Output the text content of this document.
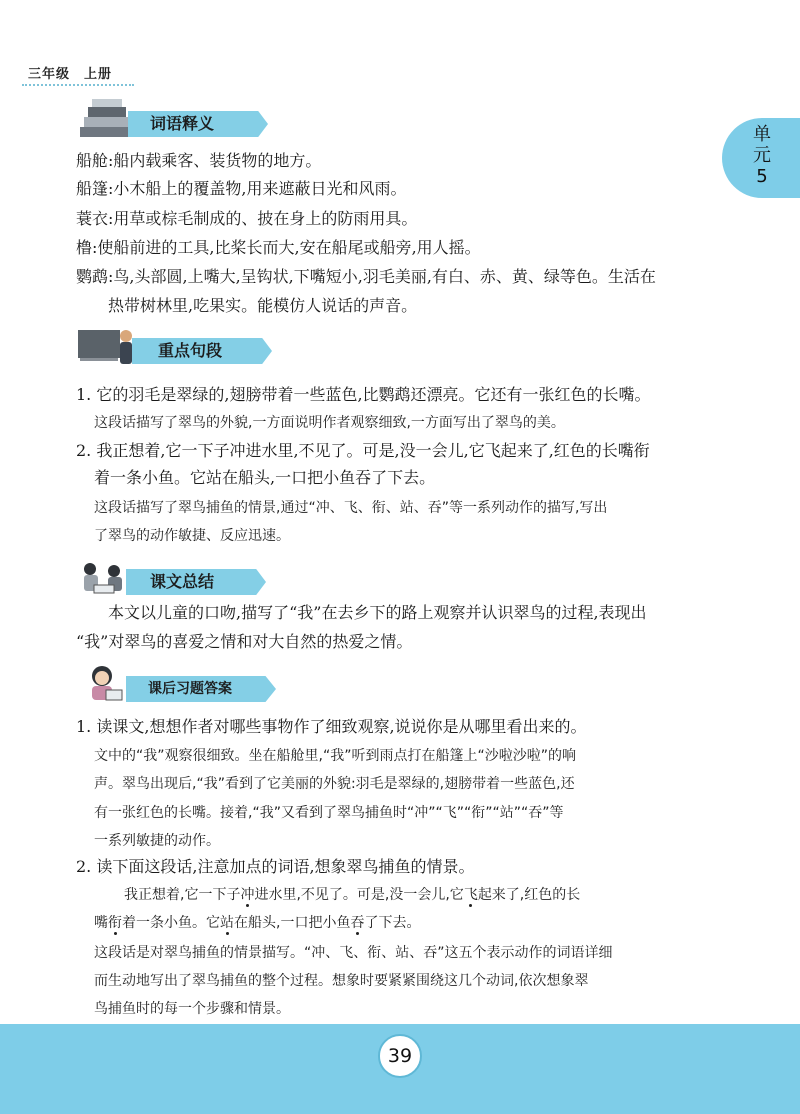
三年级　上册
单
元
5
词语释义
船舱:船内载乘客、装货物的地方。
船篷:小木船上的覆盖物,用来遮蔽日光和风雨。
蓑衣:用草或棕毛制成的、披在身上的防雨用具。
橹:使船前进的工具,比桨长而大,安在船尾或船旁,用人摇。
鹦鹉:鸟,头部圆,上嘴大,呈钩状,下嘴短小,羽毛美丽,有白、赤、黄、绿等色。生活在
热带树林里,吃果实。能模仿人说话的声音。
重点句段
1. 它的羽毛是翠绿的,翅膀带着一些蓝色,比鹦鹉还漂亮。它还有一张红色的长嘴。
这段话描写了翠鸟的外貌,一方面说明作者观察细致,一方面写出了翠鸟的美。
2. 我正想着,它一下子冲进水里,不见了。可是,没一会儿,它飞起来了,红色的长嘴衔
着一条小鱼。它站在船头,一口把小鱼吞了下去。
这段话描写了翠鸟捕鱼的情景,通过“冲、飞、衔、站、吞”等一系列动作的描写,写出
了翠鸟的动作敏捷、反应迅速。
课文总结
本文以儿童的口吻,描写了“我”在去乡下的路上观察并认识翠鸟的过程,表现出
“我”对翠鸟的喜爱之情和对大自然的热爱之情。
课后习题答案
1. 读课文,想想作者对哪些事物作了细致观察,说说你是从哪里看出来的。
文中的“我”观察很细致。坐在船舱里,“我”听到雨点打在船篷上“沙啦沙啦”的响
声。翠鸟出现后,“我”看到了它美丽的外貌:羽毛是翠绿的,翅膀带着一些蓝色,还
有一张红色的长嘴。接着,“我”又看到了翠鸟捕鱼时“冲”“飞”“衔”“站”“吞”等
一系列敏捷的动作。
2. 读下面这段话,注意加点的词语,想象翠鸟捕鱼的情景。
我正想着,它一下子冲进水里,不见了。可是,没一会儿,它飞起来了,红色的长
嘴衔着一条小鱼。它站在船头,一口把小鱼吞了下去。
这段话是对翠鸟捕鱼的情景描写。“冲、飞、衔、站、吞”这五个表示动作的词语详细
而生动地写出了翠鸟捕鱼的整个过程。想象时要紧紧围绕这几个动词,依次想象翠
鸟捕鱼时的每一个步骤和情景。
39
